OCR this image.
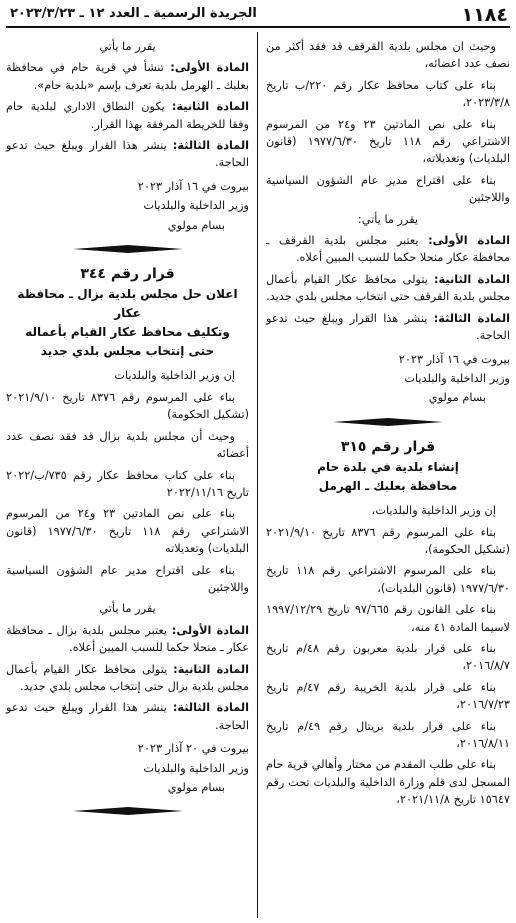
١١٨٤
الجريدة الرسمية ـ العدد ١٢ ـ ٢٠٢٣/٣/٢٣

وحيث ان مجلس بلدية القرقف قد فقد أكثر من نصف عدد اعضائه،

بناء على كتاب محافظ عكار رقم ٢٢٠/ب تاريخ ٢٠٢٣/٣/٨،

بناء على نص المادتين ٢٣ و٢٤ من المرسوم الاشتراعي رقم ١١٨ تاريخ ١٩٧٧/٦/٣٠ (قانون البلديات) وتعديلاته،

بناء على اقتراح مدير عام الشؤون السياسية واللاجئين

يقرر ما يأتي:

المادة الأولى: يعتبر مجلس بلدية القرقف ـ محافظة عكار منحلا حكما للسبب المبين أعلاه.

المادة الثانية: يتولى محافظ عكار القيام بأعمال مجلس بلدية القرقف حتى انتخاب مجلس بلدي جديد.

المادة الثالثة: ينشر هذا القرار ويبلغ حيث تدعو الحاجة.

بيروت في ١٦ آذار ٢٠٢٣
وزير الداخلية والبلديات
بسام مولوي

قرار رقم ٣١٥

إنشاء بلدية في بلدة حام
محافظة بعلبك ـ الهرمل

إن وزير الداخلية والبلديات،

بناء على المرسوم رقم ٨٣٧٦ تاريخ ٢٠٢١/٩/١٠ (تشكيل الحكومة)،

بناء على المرسوم الاشتراعي رقم ١١٨ تاريخ ١٩٧٧/٦/٣٠ (قانون البلديات)،

بناء على القانون رقم ٩٧/٦٦٥ تاريخ ١٩٩٧/١٢/٢٩ لاسيما المادة ٤١ منه،

بناء على قرار بلدية معربون رقم ٤٨/م تاريخ ٢٠١٦/٨/٧،

بناء على قرار بلدية الخريبة رقم ٤٧/م تاريخ ٢٠١٦/٧/٢٣،

بناء على قرار بلدية بريتال رقم ٤٩/م تاريخ ٢٠١٦/٨/١١،

بناء على طلب المقدم من مختار وأهالي قرية حام المسجل لدى قلم وزارة الداخلية والبلديات تحت رقم ١٥٦٤٧ تاريخ ٢٠٢١/١١/٨،

يقرر ما يأتي

المادة الأولى: تنشأ في قرية حام في محافظة بعلبك ـ الهرمل بلدية تعرف بإسم «بلدية حام».

المادة الثانية: يكون النطاق الاداري لبلدية حام وفقا للخريطة المرفقة بهذا القرار.

المادة الثالثة: ينشر هذا القرار ويبلغ حيث تدعو الحاجة.

بيروت في ١٦ آذار ٢٠٢٣
وزير الداخلية والبلديات
بسام مولوي

قرار رقم ٣٤٤

اعلان حل مجلس بلدية بزال ـ محافظة عكار
وتكليف محافظ عكار القيام بأعماله
حتى إنتخاب مجلس بلدي جديد

إن وزير الداخلية والبلديات

بناء على المرسوم رقم ٨٣٧٦ تاريخ ٢٠٢١/٩/١٠ (تشكيل الحكومة)

وحيث أن مجلس بلدية بزال قد فقد نصف عدد أعضائه

بناء على كتاب محافظ عكار رقم ٧٣٥/ب/٢٠٢٢ تاريخ ٢٠٢٢/١١/١٦

بناء على نص المادتين ٢٣ و٢٤ من المرسوم الاشتراعي رقم ١١٨ تاريخ ١٩٧٧/٦/٣٠ (قانون البلديات) وتعديلاته

بناء على اقتراح مدير عام الشؤون السياسية واللاجئين

يقرر ما يأتي

المادة الأولى: يعتبر مجلس بلدية بزال ـ محافظة عكار ـ منحلا حكما للسبب المبين أعلاه.

المادة الثانية: يتولى محافظ عكار القيام بأعمال مجلس بلدية بزال حتى إنتخاب مجلس بلدي جديد.

المادة الثالثة: ينشر هذا القرار ويبلغ حيث تدعو الحاجة.

بيروت في ٢٠ آذار ٢٠٢٣
وزير الداخلية والبلديات
بسام مولوي
